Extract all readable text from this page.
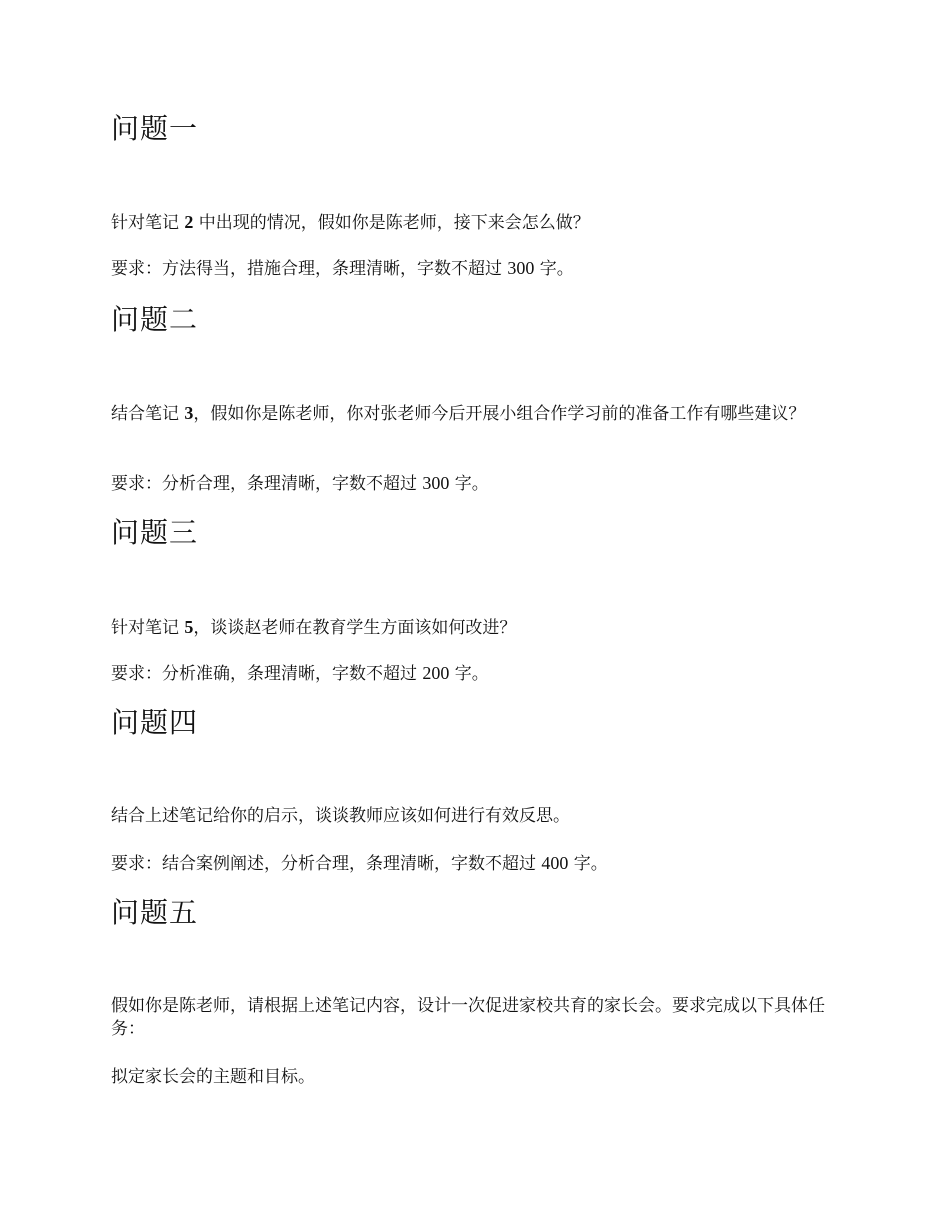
问题一

针对笔记 2 中出现的情况，假如你是陈老师，接下来会怎么做？

要求：方法得当，措施合理，条理清晰，字数不超过 300 字。

问题二

结合笔记 3，假如你是陈老师，你对张老师今后开展小组合作学习前的准备工作有哪些建议？

要求：分析合理，条理清晰，字数不超过 300 字。

问题三

针对笔记 5，谈谈赵老师在教育学生方面该如何改进？

要求：分析准确，条理清晰，字数不超过 200 字。

问题四

结合上述笔记给你的启示，谈谈教师应该如何进行有效反思。

要求：结合案例阐述，分析合理，条理清晰，字数不超过 400 字。

问题五

假如你是陈老师，请根据上述笔记内容，设计一次促进家校共育的家长会。要求完成以下具体任务：

拟定家长会的主题和目标。
